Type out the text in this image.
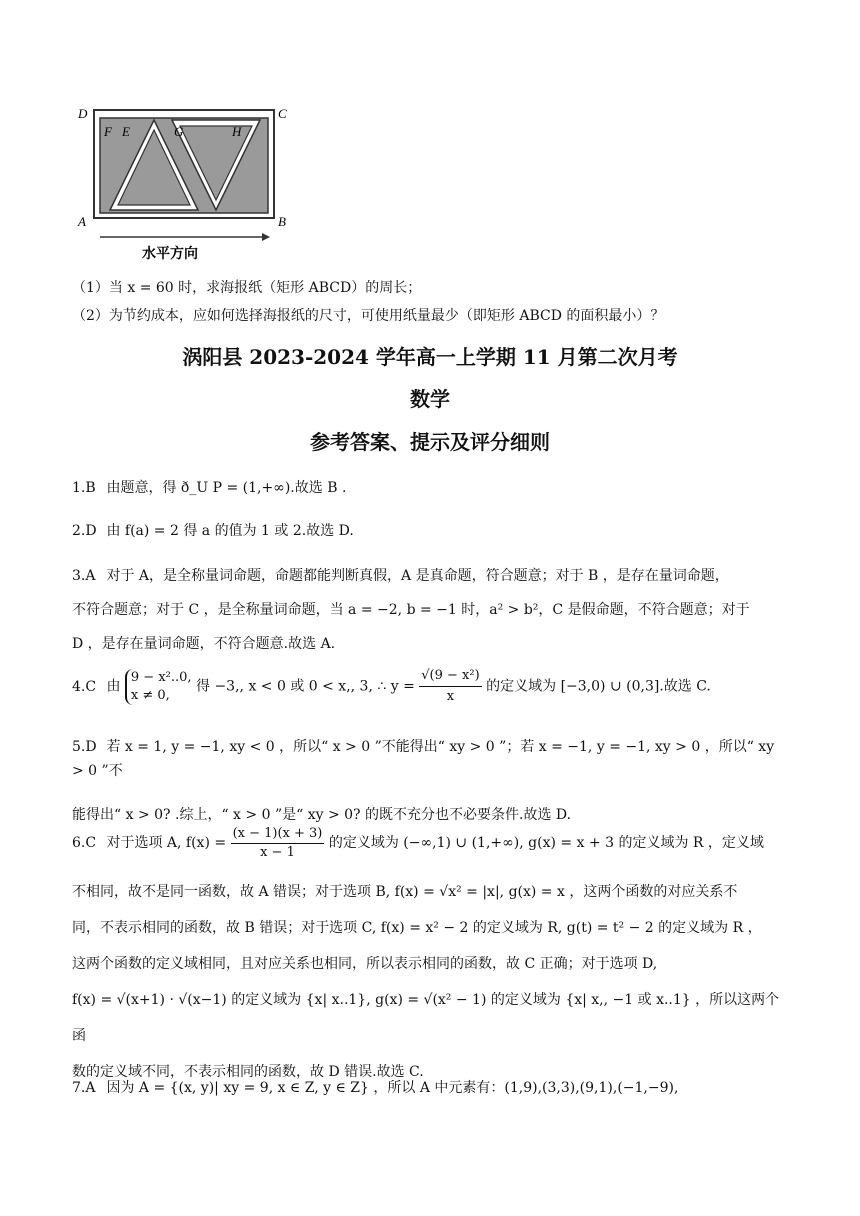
D	C
A	B
F E	G	H
水平方向
（1）当 x = 60 时，求海报纸（矩形 ABCD）的周长；
（2）为节约成本，应如何选择海报纸的尺寸，可使用纸量最少（即矩形 ABCD 的面积最小）？
涡阳县 2023-2024 学年高一上学期 11 月第二次月考
数学
参考答案、提示及评分细则
1.B 由题意，得 ð_U P = (1,+∞).故选 B .
2.D 由 f(a) = 2 得 a 的值为 1 或 2.故选 D.
3.A 对于 A，是全称量词命题，命题都能判断真假，A 是真命题，符合题意；对于 B ，是存在量词命题，
不符合题意；对于 C ，是全称量词命题，当 a = −2, b = −1 时，a² > b²，C 是假命题，不符合题意；对于
D ，是存在量词命题，不符合题意.故选 A.
4.C 由
9 − x²..0,
x ≠ 0,
得 −3,, x < 0 或 0 < x,, 3, ∴ $y = \frac{\text{√(9 − x²)}}{x}$ 的定义域为 [−3,0) ∪ (0,3].故选 C.
5.D 若 x = 1, y = −1, xy < 0 ，所以“ x > 0 ”不能得出“ xy > 0 ”；若 x = −1, y = −1, xy > 0 ，所以“ xy > 0 ”不
能得出“ x > 0? .综上，“ x > 0 ”是“ xy > 0? 的既不充分也不必要条件.故选 D.
6.C 对于选项 A, $f(x) = \frac{(x - 1)(x + 3)}{x - 1}$ 的定义域为 (−∞,1) ∪ (1,+∞), g(x) = x + 3 的定义域为 R ，定义域
不相同，故不是同一函数，故 A 错误；对于选项 B, f(x) = √x² = |x|, g(x) = x ，这两个函数的对应关系不
同，不表示相同的函数，故 B 错误；对于选项 C, f(x) = x² − 2 的定义域为 R, g(t) = t² − 2 的定义域为 R ，
这两个函数的定义域相同，且对应关系也相同，所以表示相同的函数，故 C 正确；对于选项 D,
f(x) = √(x+1) · √(x−1) 的定义域为 {x| x..1}, g(x) = √(x² − 1) 的定义域为 {x| x,, −1 或 x..1} ，所以这两个函
数的定义域不同，不表示相同的函数，故 D 错误.故选 C.
7.A 因为 A = {(x, y)| xy = 9, x ∈ Z, y ∈ Z} ，所以 A 中元素有：(1,9),(3,3),(9,1),(−1,−9),
